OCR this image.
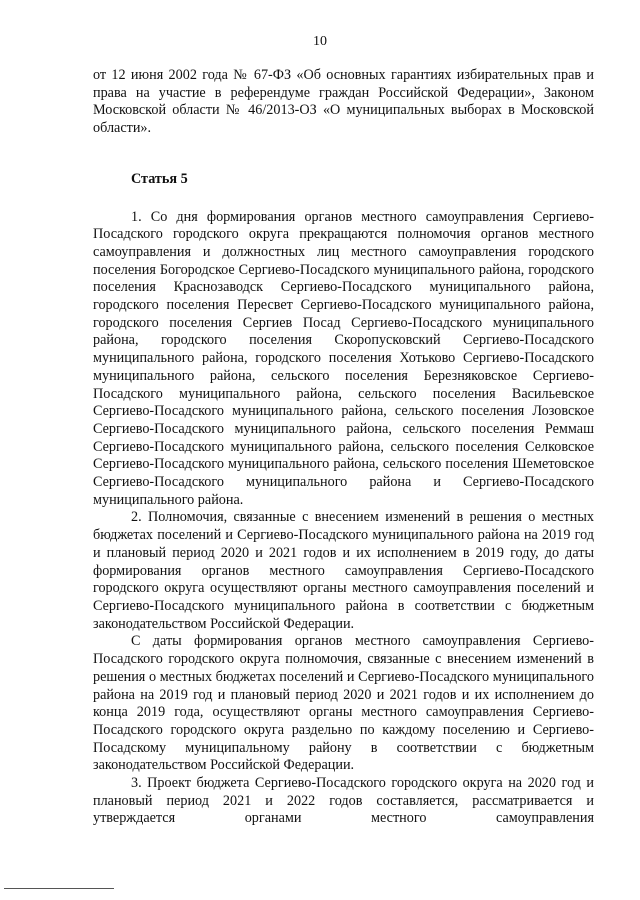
10

от 12 июня 2002 года № 67-ФЗ «Об основных гарантиях избирательных прав и права на участие в референдуме граждан Российской Федерации», Законом Московской области № 46/2013-ОЗ «О муниципальных выборах в Московской области».

Статья 5

1. Со дня формирования органов местного самоуправления Сергиево-Посадского городского округа прекращаются полномочия органов местного самоуправления и должностных лиц местного самоуправления городского поселения Богородское Сергиево-Посадского муниципального района, городского поселения Краснозаводск Сергиево-Посадского муниципального района, городского поселения Пересвет Сергиево-Посадского муниципального района, городского поселения Сергиев Посад Сергиево-Посадского муниципального района, городского поселения Скоропусковский Сергиево-Посадского муниципального района, городского поселения Хотьково Сергиево-Посадского муниципального района, сельского поселения Березняковское Сергиево-Посадского муниципального района, сельского поселения Васильевское Сергиево-Посадского муниципального района, сельского поселения Лозовское Сергиево-Посадского муниципального района, сельского поселения Реммаш Сергиево-Посадского муниципального района, сельского поселения Селковское Сергиево-Посадского муниципального района, сельского поселения Шеметовское Сергиево-Посадского муниципального района и Сергиево-Посадского муниципального района.

2. Полномочия, связанные с внесением изменений в решения о местных бюджетах поселений и Сергиево-Посадского муниципального района на 2019 год и плановый период 2020 и 2021 годов и их исполнением в 2019 году, до даты формирования органов местного самоуправления Сергиево-Посадского городского округа осуществляют органы местного самоуправления поселений и Сергиево-Посадского муниципального района в соответствии с бюджетным законодательством Российской Федерации.

С даты формирования органов местного самоуправления Сергиево-Посадского городского округа полномочия, связанные с внесением изменений в решения о местных бюджетах поселений и Сергиево-Посадского муниципального района на 2019 год и плановый период 2020 и 2021 годов и их исполнением до конца 2019 года, осуществляют органы местного самоуправления Сергиево-Посадского городского округа раздельно по каждому поселению и Сергиево-Посадскому муниципальному району в соответствии с бюджетным законодательством Российской Федерации.

3. Проект бюджета Сергиево-Посадского городского округа на 2020 год и плановый период 2021 и 2022 годов составляется, рассматривается и утверждается органами местного самоуправления
